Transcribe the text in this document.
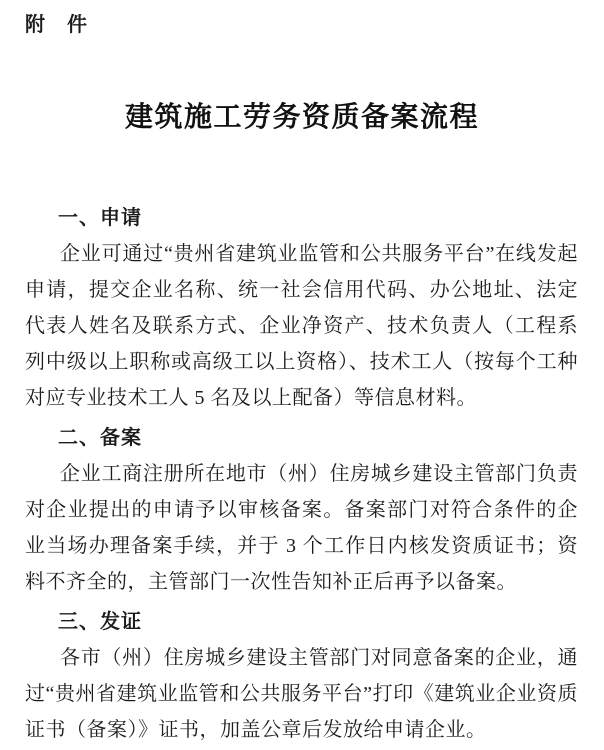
附　件
建筑施工劳务资质备案流程
一、申请

企业可通过“贵州省建筑业监管和公共服务平台”在线发起申请，提交企业名称、统一社会信用代码、办公地址、法定代表人姓名及联系方式、企业净资产、技术负责人（工程系列中级以上职称或高级工以上资格）、技术工人（按每个工种对应专业技术工人 5 名及以上配备）等信息材料。

二、备案

企业工商注册所在地市（州）住房城乡建设主管部门负责对企业提出的申请予以审核备案。备案部门对符合条件的企业当场办理备案手续，并于 3 个工作日内核发资质证书；资料不齐全的，主管部门一次性告知补正后再予以备案。

三、发证

各市（州）住房城乡建设主管部门对同意备案的企业，通过“贵州省建筑业监管和公共服务平台”打印《建筑业企业资质证书（备案）》证书，加盖公章后发放给申请企业。
